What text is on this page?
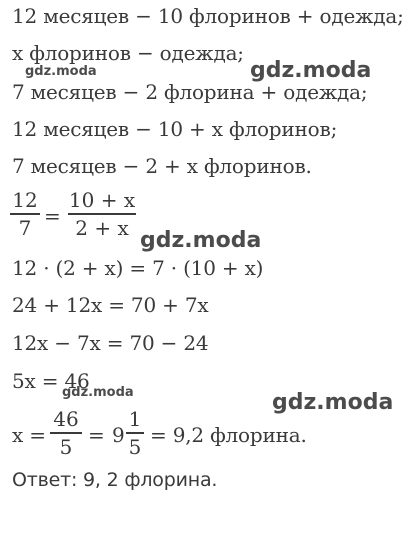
12 месяцев − 10 флоринов + одежда;
x флоринов − одежда;
7 месяцев − 2 флорина + одежда;
12 месяцев − 10 + x флоринов;
7 месяцев − 2 + x флоринов.
12
7 =
10 + x
2 + x
12 · (2 + x) = 7 · (10 + x)
24 + 12x = 70 + 7x
12x − 7x = 70 − 24
5x = 46
x =
46
5 = 9
1
5 = 9,2 флорина.
Ответ: 9, 2 флорина.
gdz.moda	gdz.moda
gdz.moda
gdz.moda	gdz.moda
